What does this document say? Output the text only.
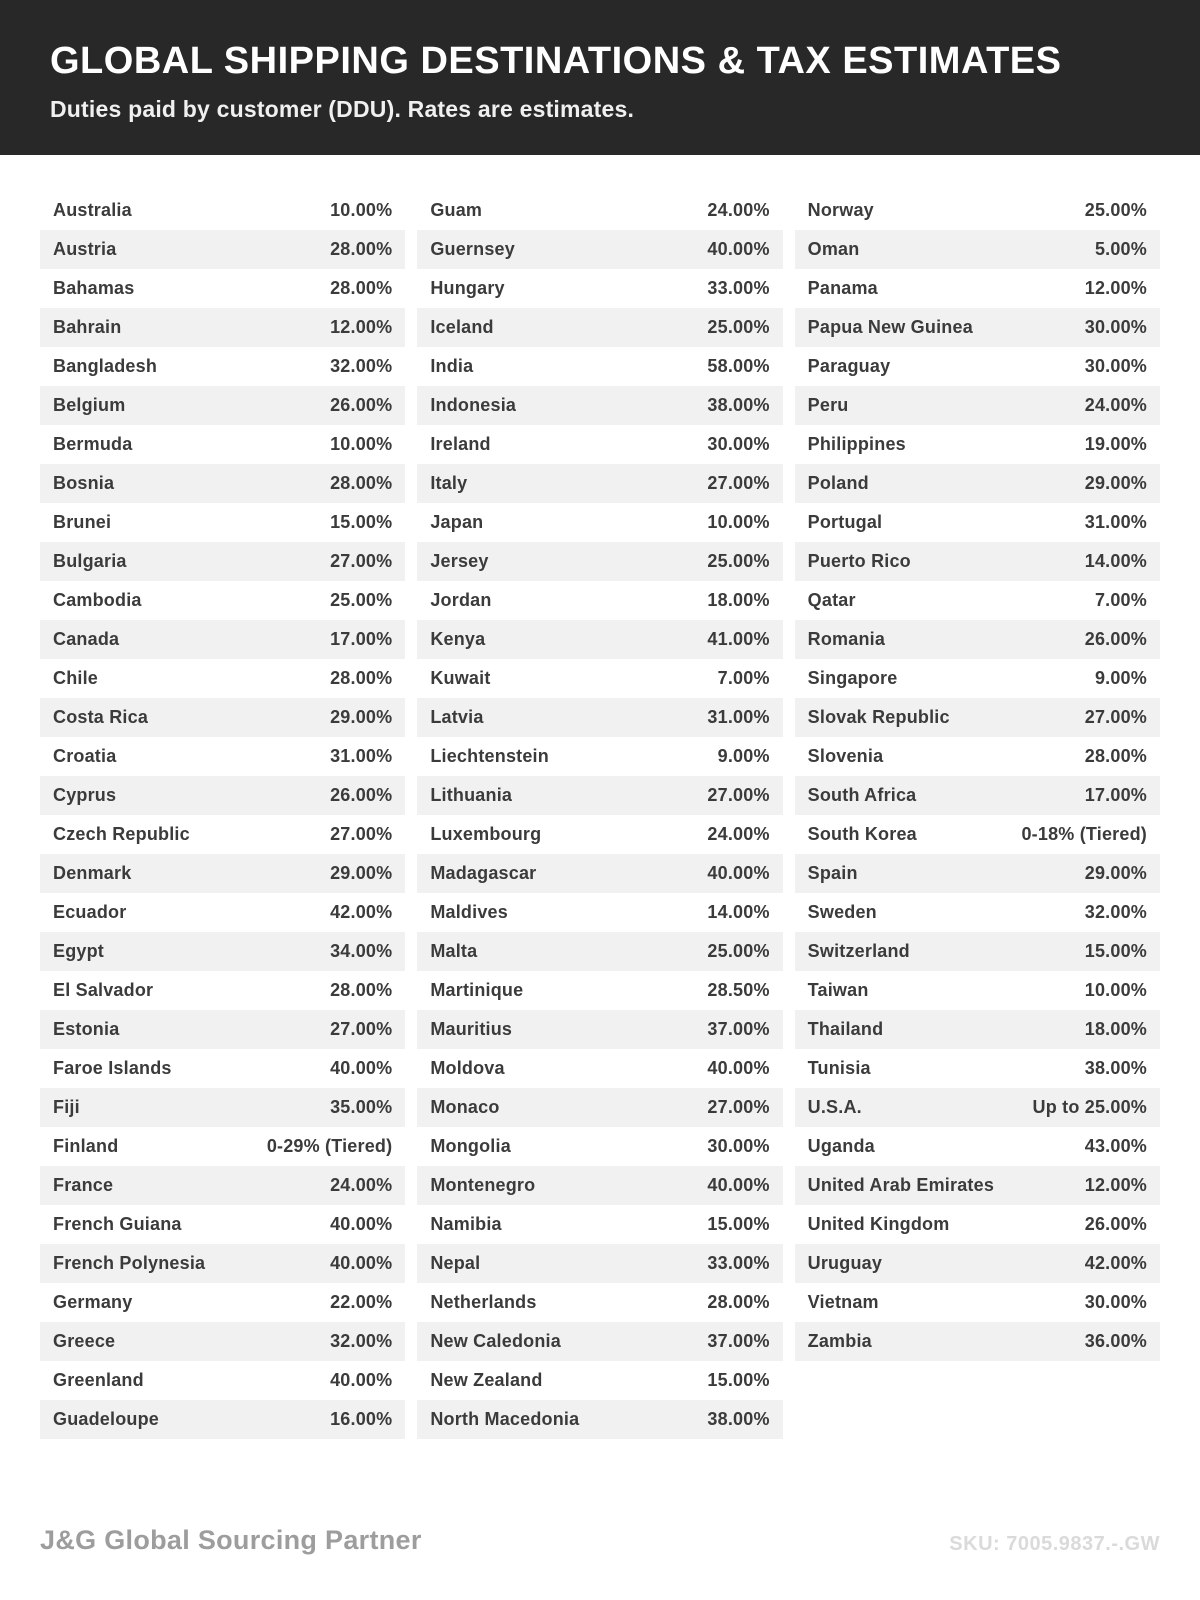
GLOBAL SHIPPING DESTINATIONS & TAX ESTIMATES

Duties paid by customer (DDU). Rates are estimates.

Australia	10.00%
Austria	28.00%
Bahamas	28.00%
Bahrain	12.00%
Bangladesh	32.00%
Belgium	26.00%
Bermuda	10.00%
Bosnia	28.00%
Brunei	15.00%
Bulgaria	27.00%
Cambodia	25.00%
Canada	17.00%
Chile	28.00%
Costa Rica	29.00%
Croatia	31.00%
Cyprus	26.00%
Czech Republic	27.00%
Denmark	29.00%
Ecuador	42.00%
Egypt	34.00%
El Salvador	28.00%
Estonia	27.00%
Faroe Islands	40.00%
Fiji	35.00%
Finland	0-29% (Tiered)
France	24.00%
French Guiana	40.00%
French Polynesia	40.00%
Germany	22.00%
Greece	32.00%
Greenland	40.00%
Guadeloupe	16.00%
Guam	24.00%
Guernsey	40.00%
Hungary	33.00%
Iceland	25.00%
India	58.00%
Indonesia	38.00%
Ireland	30.00%
Italy	27.00%
Japan	10.00%
Jersey	25.00%
Jordan	18.00%
Kenya	41.00%
Kuwait	7.00%
Latvia	31.00%
Liechtenstein	9.00%
Lithuania	27.00%
Luxembourg	24.00%
Madagascar	40.00%
Maldives	14.00%
Malta	25.00%
Martinique	28.50%
Mauritius	37.00%
Moldova	40.00%
Monaco	27.00%
Mongolia	30.00%
Montenegro	40.00%
Namibia	15.00%
Nepal	33.00%
Netherlands	28.00%
New Caledonia	37.00%
New Zealand	15.00%
North Macedonia	38.00%
Norway	25.00%
Oman	5.00%
Panama	12.00%
Papua New Guinea	30.00%
Paraguay	30.00%
Peru	24.00%
Philippines	19.00%
Poland	29.00%
Portugal	31.00%
Puerto Rico	14.00%
Qatar	7.00%
Romania	26.00%
Singapore	9.00%
Slovak Republic	27.00%
Slovenia	28.00%
South Africa	17.00%
South Korea	0-18% (Tiered)
Spain	29.00%
Sweden	32.00%
Switzerland	15.00%
Taiwan	10.00%
Thailand	18.00%
Tunisia	38.00%
U.S.A.	Up to 25.00%
Uganda	43.00%
United Arab Emirates	12.00%
United Kingdom	26.00%
Uruguay	42.00%
Vietnam	30.00%
Zambia	36.00%
J&G Global Sourcing Partner	SKU: 7005.9837.-.GW
